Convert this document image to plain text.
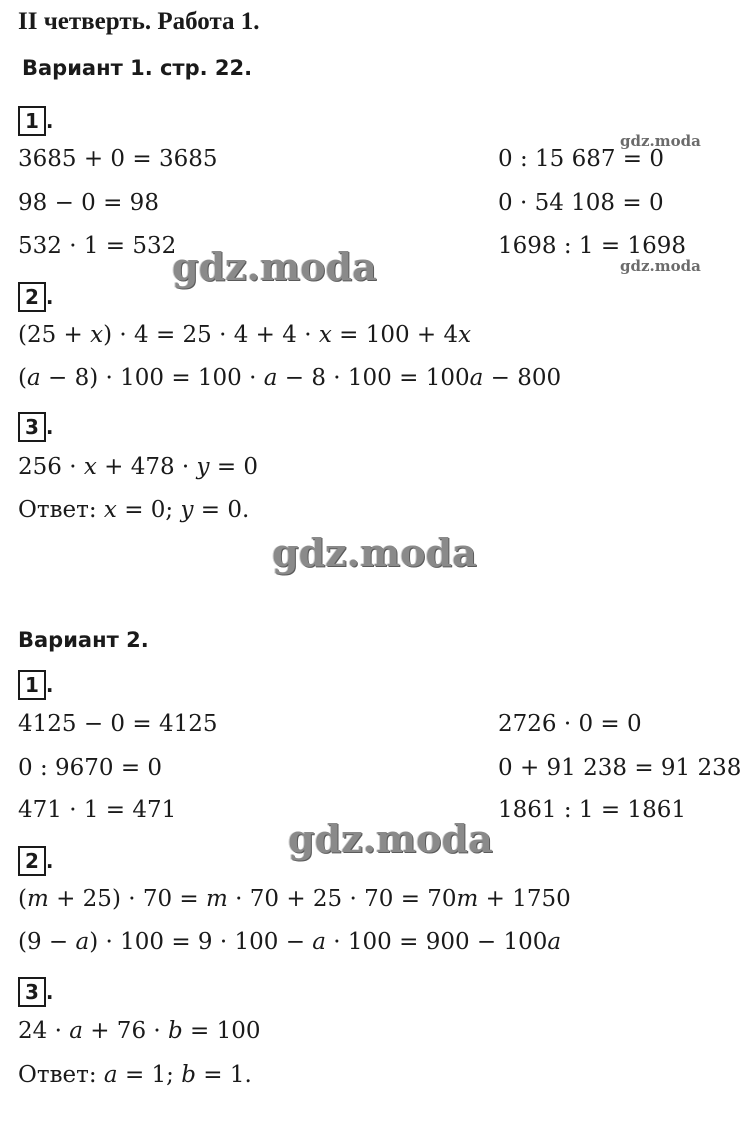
II четверть. Работа 1.
Вариант 1. стр. 22.
1 .
3685 + 0 = 3685
98 − 0 = 98
532 · 1 = 532
0 : 15 687 = 0
0 · 54 108 = 0
1698 : 1 = 1698
2 .
(25 + 𝑥) · 4 = 25 · 4 + 4 · 𝑥 = 100 + 4𝑥
(𝑎 − 8) · 100 = 100 · 𝑎 − 8 · 100 = 100𝑎 − 800
3 .
256 · 𝑥 + 478 · 𝑦 = 0
Ответ: 𝑥 = 0; 𝑦 = 0.
Вариант 2.
1 .
4125 − 0 = 4125
0 : 9670 = 0
471 · 1 = 471
2726 · 0 = 0
0 + 91 238 = 91 238
1861 : 1 = 1861
2 .
(𝑚 + 25) · 70 = 𝑚 · 70 + 25 · 70 = 70𝑚 + 1750
(9 − 𝑎) · 100 = 9 · 100 − 𝑎 · 100 = 900 − 100𝑎
3 .
24 · 𝑎 + 76 · 𝑏 = 100
Ответ: 𝑎 = 1; 𝑏 = 1.
gdz.moda
gdz.moda
gdz.moda
gdz.moda
gdz.moda
